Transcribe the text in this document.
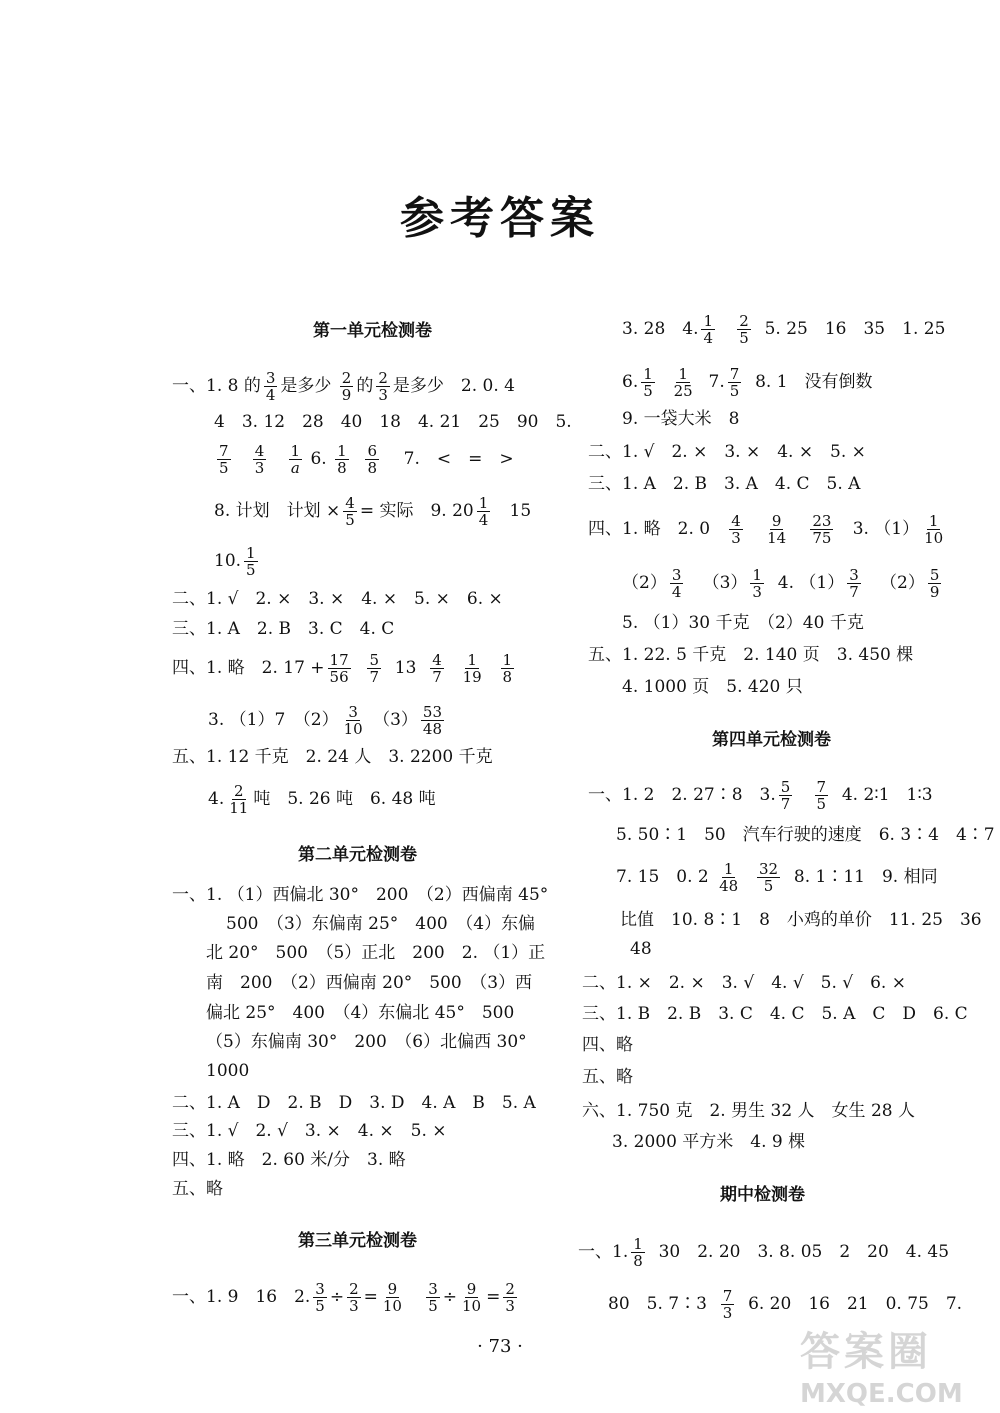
参考答案
第一单元检测卷
一、1. 8 的 $\frac{3}{4}$ 是多少 $\frac{2}{9}$ 的 $\frac{2}{3}$ 是多少　2. 0. 4
4　3. 12　28　40　18　4. 21　25　90　5.
$\frac{7}{5}$
$\frac{4}{3}$
$\frac{1}{a} 6$. $\frac{1}{8}$
$\frac{6}{8} 7$.　<　=　>
8. 计划　计划 × $\frac{4}{5}$ = 实际　9. $20 \frac{1}{4} 15$
10. $\frac{1}{5}$
二、1. √　2. ×　3. ×　4. ×　5. ×　6. ×
三、1. A　2. B　3. C　4. C
四、1. 略　2. $17 + \frac{17}{56}$
$\frac{5}{7} 13 \frac{4}{7}$
$\frac{1}{19}$
$\frac{1}{8}$
3. （1）7　$(2) \frac{3}{10} (3) \frac{53}{48}$
五、1. 12 千克　2. 24 人　3. 2200 千克
4. $\frac{2}{11}$ 吨　5. 26 吨　6. 48 吨
第二单元检测卷
一、1. （1）西偏北 30°　200　（2）西偏南 45°
500　（3）东偏南 25°　400　（4）东偏
北 20°　500　（5）正北　200　2. （1）正
南　200　（2）西偏南 20°　500　（3）西
偏北 25°　400　（4）东偏北 45°　500
（5）东偏南 30°　200　（6）北偏西 30°
1000
二、1. A　D　2. B　D　3. D　4. A　B　5. A
三、1. √　2. √　3. ×　4. ×　5. ×
四、1. 略　2. 60 米/分　3. 略
五、略
第三单元检测卷
一、1. 9　16　2. $\frac{3}{5} \div \frac{2}{3} = \frac{9}{10}$
$\frac{3}{5} \div \frac{9}{10} = \frac{2}{3}$
3. 28　4. $\frac{1}{4}$
$\frac{2}{5} 5$. 25　16　35　1. 25
6. $\frac{1}{5}$
$\frac{1}{25} 7$. $\frac{7}{5} 8$. 1　没有倒数
9. 一袋大米　8
二、1. √　2. ×　3. ×　4. ×　5. ×
三、1. A　2. B　3. A　4. C　5. A
四、1. 略　2. $0 \frac{4}{3}$
$\frac{9}{14}$
$\frac{23}{75} 3$. $(1) \frac{1}{10}$
$(2) \frac{3}{4} (3) \frac{1}{3} 4$. $(1) \frac{3}{7} (2) \frac{5}{9}$
5. （1）30 千克　（2）40 千克
五、1. 22. 5 千克　2. 140 页　3. 450 棵
4. 1000 页　5. 420 只
第四单元检测卷
一、1. 2　2. 27∶8　3. $\frac{5}{7}$
$\frac{7}{5} 4$. 2∶1　1∶3
5. 50∶1　50　汽车行驶的速度　6. 3∶4　4∶7
7. 15　0. $2 \frac{1}{48}$
$\frac{32}{5} 8$. 1∶11　9. 相同
比值　10. 8∶1　8　小鸡的单价　11. 25　36
48
二、1. ×　2. ×　3. √　4. √　5. √　6. ×
三、1. B　2. B　3. C　4. C　5. A　C　D　6. C
四、略
五、略
六、1. 750 克　2. 男生 32 人　女生 28 人
3. 2000 平方米　4. 9 棵
期中检测卷
一、1. $\frac{1}{8} 30$　2. 20　3. 8. 05　2　20　4. 45
80　5. 7∶3 $\frac{7}{3} 6$. 20　16　21　0. 75　7.
· 73 ·	答案圈
MXQE.COM
